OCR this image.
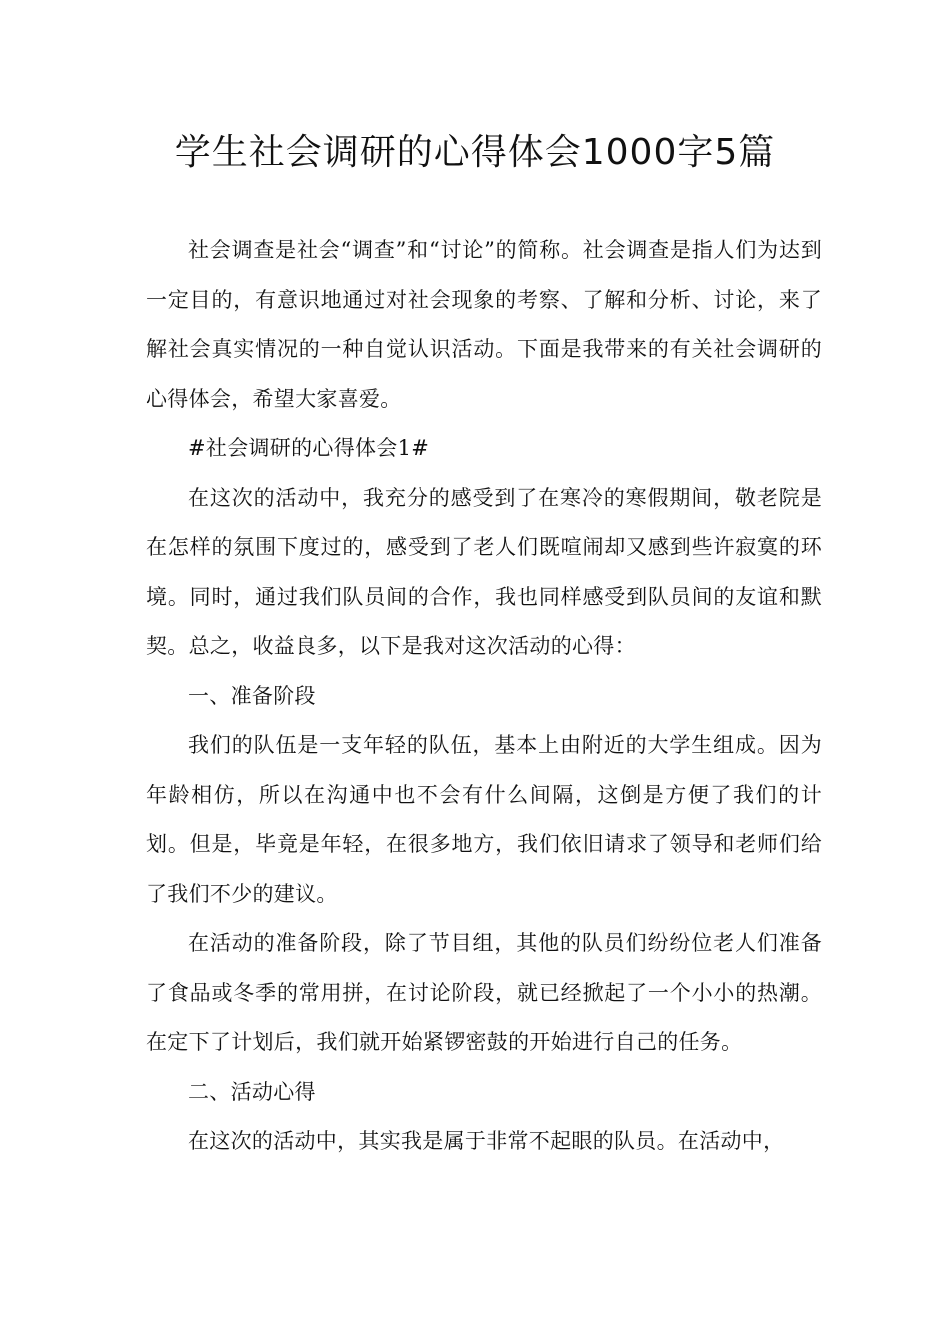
学生社会调研的心得体会1000字5篇

社会调查是社会“调查”和“讨论”的简称。社会调查是指人们为达到一定目的，有意识地通过对社会现象的考察、了解和分析、讨论，来了解社会真实情况的一种自觉认识活动。下面是我带来的有关社会调研的心得体会，希望大家喜爱。

#社会调研的心得体会1#

在这次的活动中，我充分的感受到了在寒冷的寒假期间，敬老院是在怎样的氛围下度过的，感受到了老人们既喧闹却又感到些许寂寞的环境。同时，通过我们队员间的合作，我也同样感受到队员间的友谊和默契。总之，收益良多，以下是我对这次活动的心得：

一、准备阶段

我们的队伍是一支年轻的队伍，基本上由附近的大学生组成。因为年龄相仿，所以在沟通中也不会有什么间隔，这倒是方便了我们的计划。但是，毕竟是年轻，在很多地方，我们依旧请求了领导和老师们给了我们不少的建议。

在活动的准备阶段，除了节目组，其他的队员们纷纷位老人们准备了食品或冬季的常用拼，在讨论阶段，就已经掀起了一个小小的热潮。在定下了计划后，我们就开始紧锣密鼓的开始进行自己的任务。

二、活动心得

在这次的活动中，其实我是属于非常不起眼的队员。在活动中，
